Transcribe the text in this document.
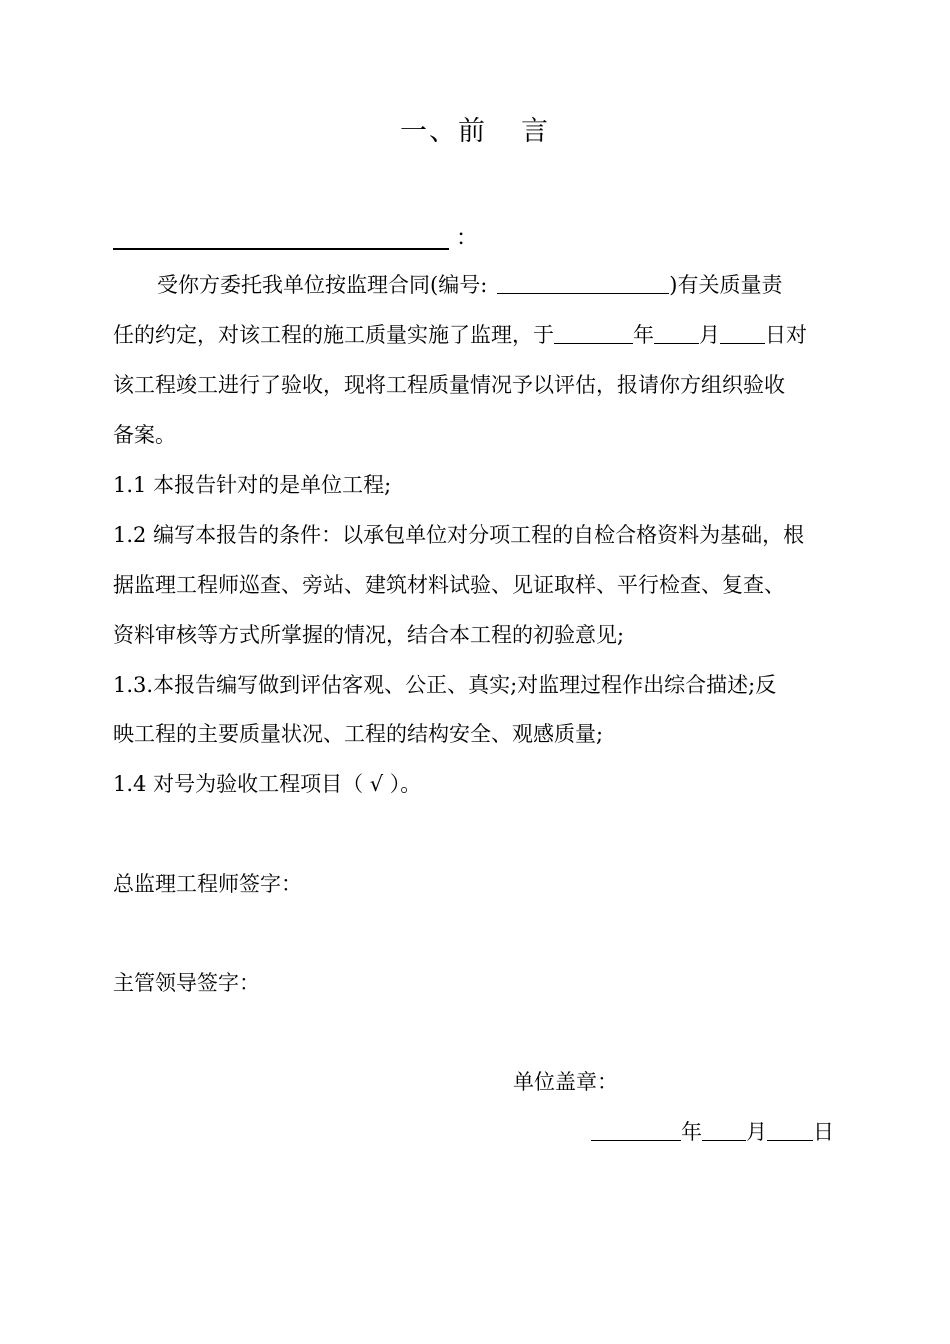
一、前 言
：
受你方委托我单位按监理合同(编号:	)有关质量责
任的约定，对该工程的施工质量实施了监理，于	年 月 日对
该工程竣工进行了验收，现将工程质量情况予以评估，报请你方组织验收
备案。
1.1 本报告针对的是单位工程;
1.2 编写本报告的条件：以承包单位对分项工程的自检合格资料为基础，根
据监理工程师巡查、旁站、建筑材料试验、见证取样、平行检查、复查、
资料审核等方式所掌握的情况，结合本工程的初验意见;
1.3.本报告编写做到评估客观、公正、真实;对监理过程作出综合描述;反
映工程的主要质量状况、工程的结构安全、观感质量;
1.4 对号为验收工程项目（ √ ）。
总监理工程师签字：
主管领导签字：
单位盖章：
年 月 日
